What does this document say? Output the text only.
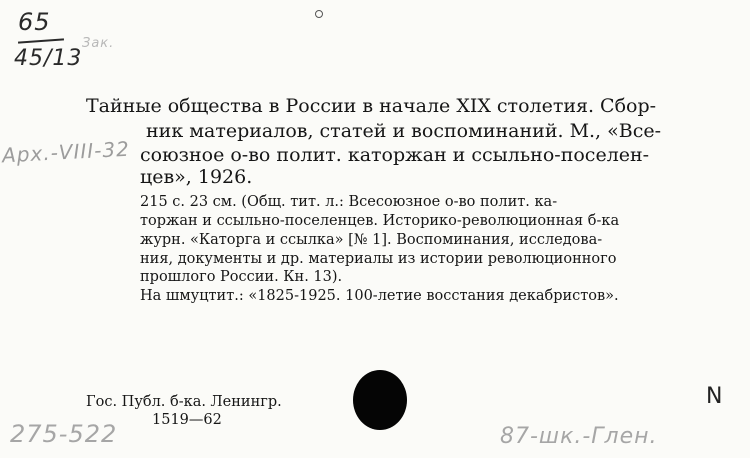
65
45/13
Зак.
Арх.-VIII-32
Тайные общества в России в начале XIX столетия. Сбор-
ник материалов, статей и воспоминаний. М., «Все-
союзное о-во полит. каторжан и ссыльно-поселен-
цев», 1926.
215 с. 23 см. (Общ. тит. л.: Всесоюзное о-во полит. ка-
торжан и ссыльно-поселенцев. Историко-революционная б-ка
журн. «Каторга и ссылка» [№ 1]. Воспоминания, исследова-
ния, документы и др. материалы из истории революционного
прошлого России. Кн. 13).
На шмуцтит.: «1825-1925. 100-летие восстания декабристов».
Гос. Публ. б-ка. Ленингр.
1519—62
N
275-522	87-шк.-Глен.
